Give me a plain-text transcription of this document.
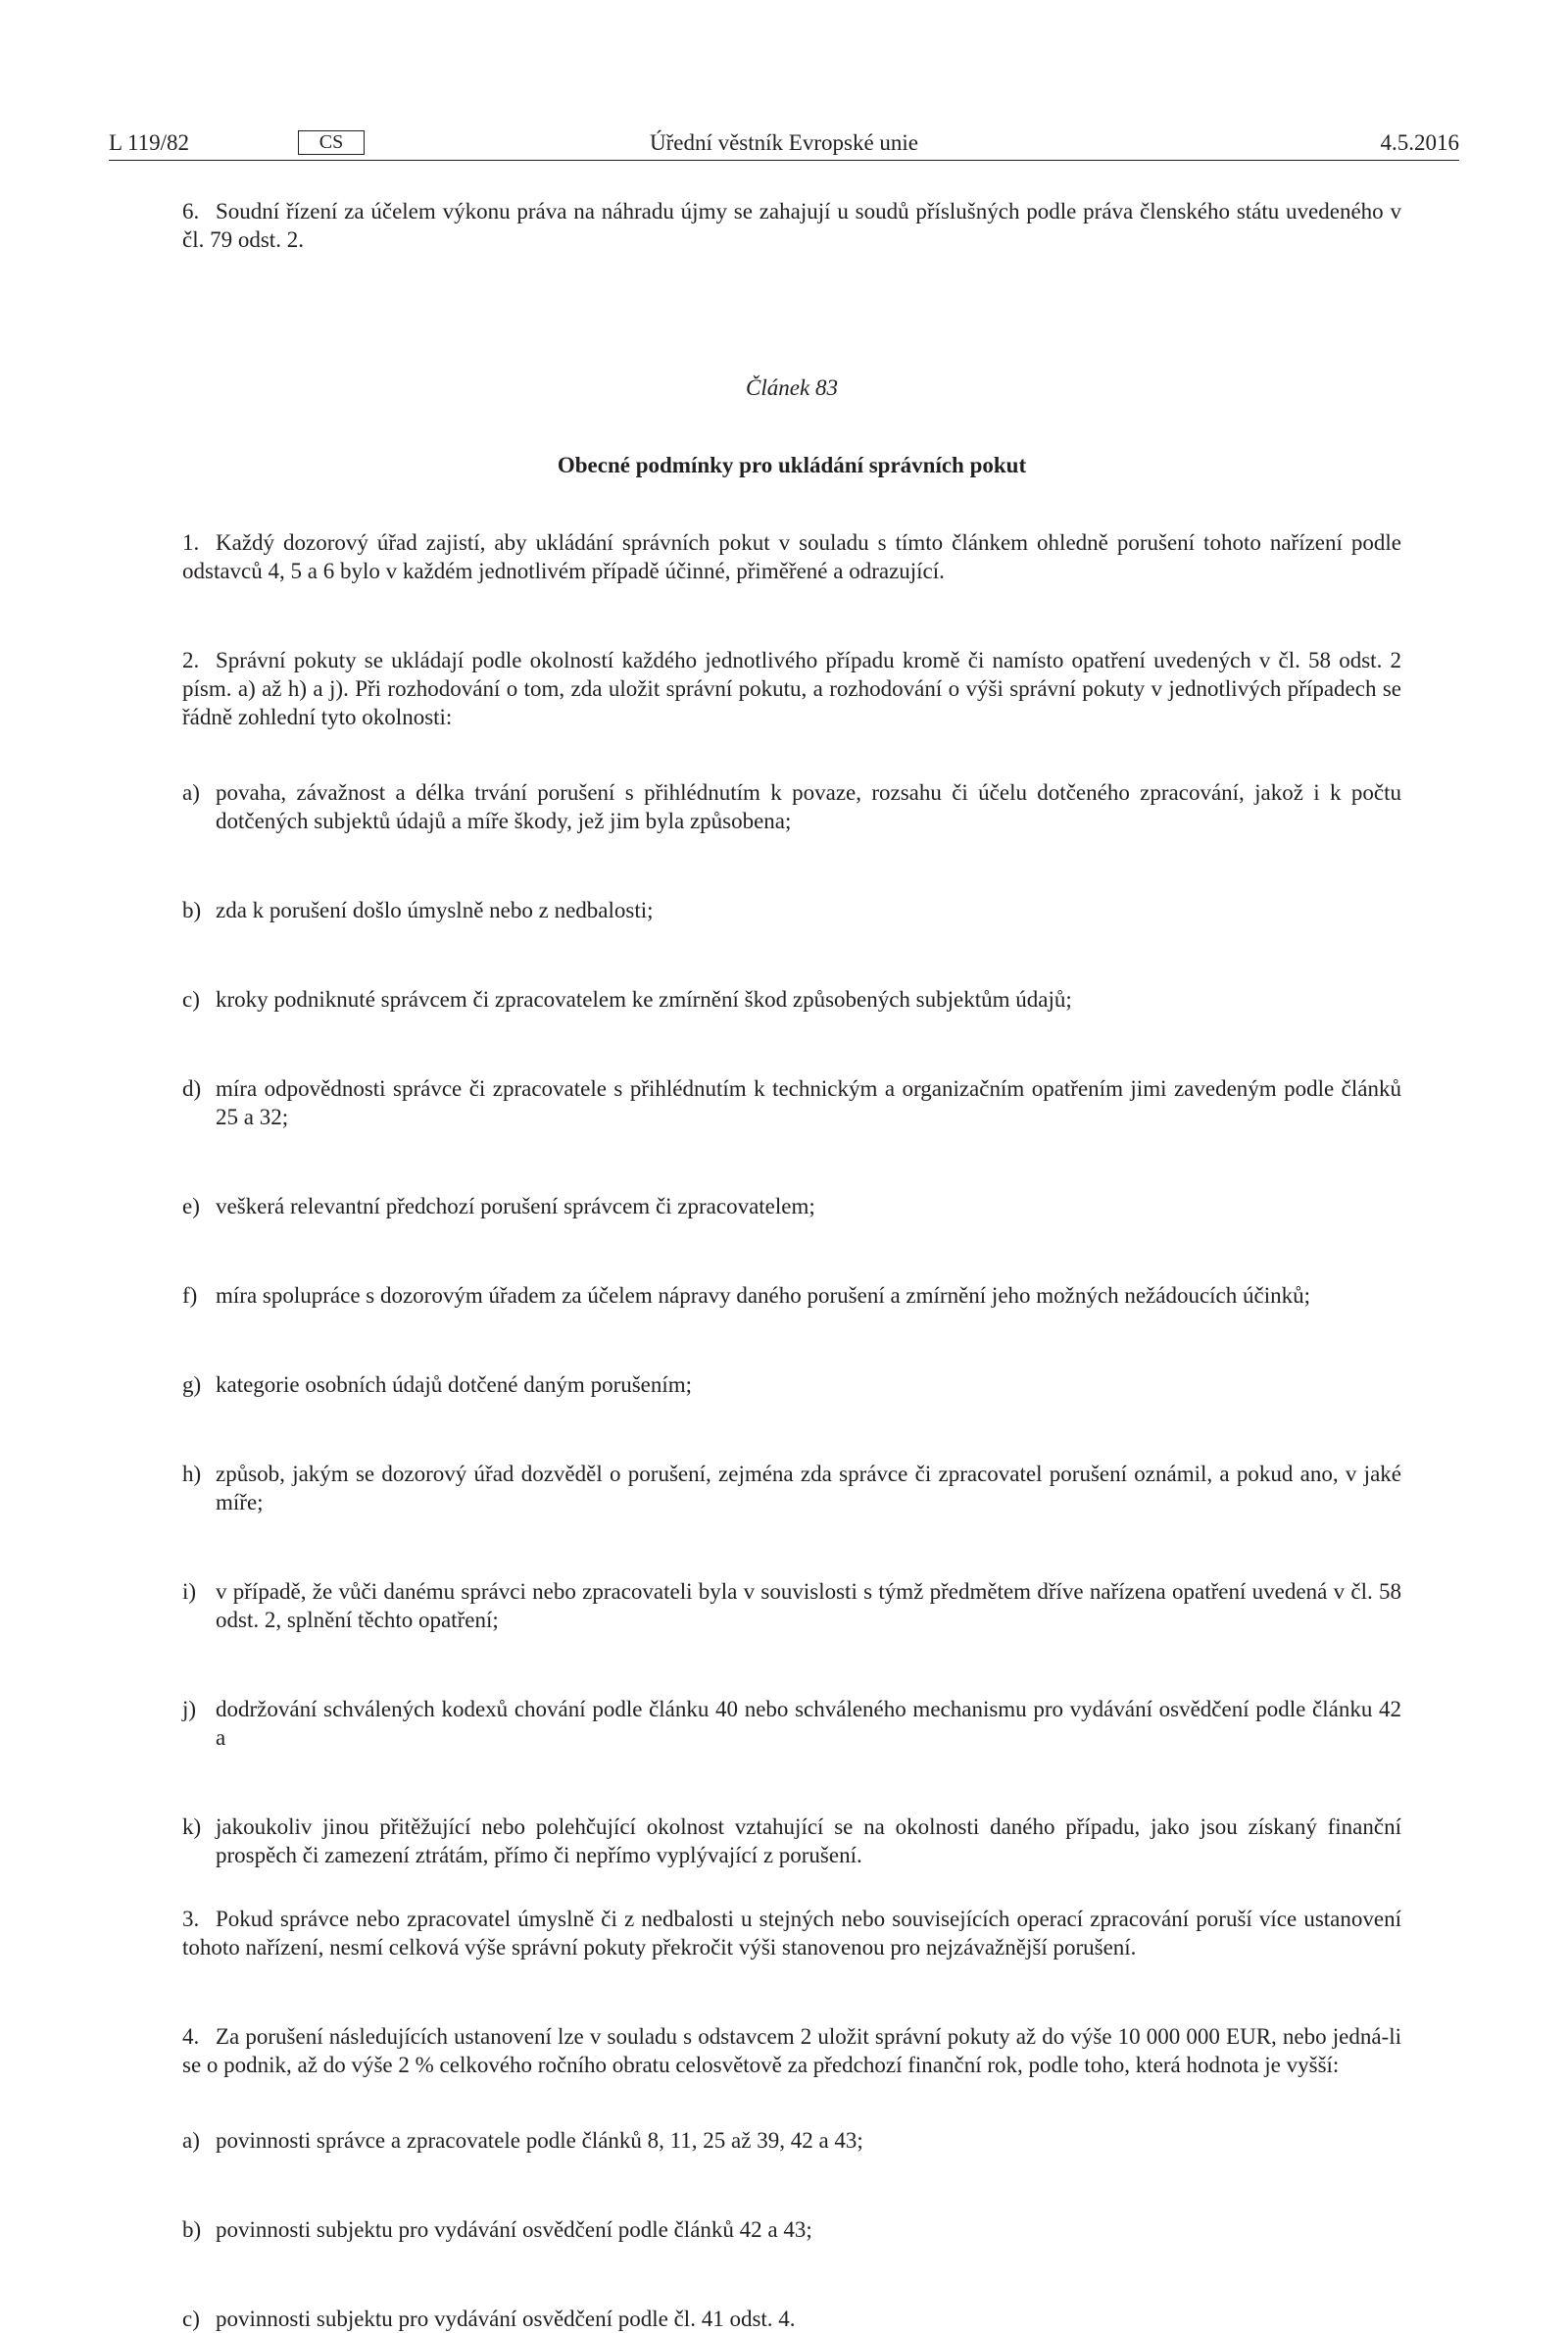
L 119/82	CS	Úřední věstník Evropské unie	4.5.2016

6. Soudní řízení za účelem výkonu práva na náhradu újmy se zahajují u soudů příslušných podle práva členského státu uvedeného v čl. 79 odst. 2.

Článek 83

Obecné podmínky pro ukládání správních pokut

1. Každý dozorový úřad zajistí, aby ukládání správních pokut v souladu s tímto článkem ohledně porušení tohoto nařízení podle odstavců 4, 5 a 6 bylo v každém jednotlivém případě účinné, přiměřené a odrazující.

2. Správní pokuty se ukládají podle okolností každého jednotlivého případu kromě či namísto opatření uvedených v čl. 58 odst. 2 písm. a) až h) a j). Při rozhodování o tom, zda uložit správní pokutu, a rozhodování o výši správní pokuty v jednotlivých případech se řádně zohlední tyto okolnosti:

a) povaha, závažnost a délka trvání porušení s přihlédnutím k povaze, rozsahu či účelu dotčeného zpracování, jakož i k počtu dotčených subjektů údajů a míře škody, jež jim byla způsobena;
b) zda k porušení došlo úmyslně nebo z nedbalosti;
c) kroky podniknuté správcem či zpracovatelem ke zmírnění škod způsobených subjektům údajů;
d) míra odpovědnosti správce či zpracovatele s přihlédnutím k technickým a organizačním opatřením jimi zavedeným podle článků 25 a 32;
e) veškerá relevantní předchozí porušení správcem či zpracovatelem;
f) míra spolupráce s dozorovým úřadem za účelem nápravy daného porušení a zmírnění jeho možných nežádoucích účinků;
g) kategorie osobních údajů dotčené daným porušením;
h) způsob, jakým se dozorový úřad dozvěděl o porušení, zejména zda správce či zpracovatel porušení oznámil, a pokud ano, v jaké míře;
i) v případě, že vůči danému správci nebo zpracovateli byla v souvislosti s týmž předmětem dříve nařízena opatření uvedená v čl. 58 odst. 2, splnění těchto opatření;
j) dodržování schválených kodexů chování podle článku 40 nebo schváleného mechanismu pro vydávání osvědčení podle článku 42 a
k) jakoukoliv jinou přitěžující nebo polehčující okolnost vztahující se na okolnosti daného případu, jako jsou získaný finanční prospěch či zamezení ztrátám, přímo či nepřímo vyplývající z porušení.

3. Pokud správce nebo zpracovatel úmyslně či z nedbalosti u stejných nebo souvisejících operací zpracování poruší více ustanovení tohoto nařízení, nesmí celková výše správní pokuty překročit výši stanovenou pro nejzávažnější porušení.

4. Za porušení následujících ustanovení lze v souladu s odstavcem 2 uložit správní pokuty až do výše 10 000 000 EUR, nebo jedná-li se o podnik, až do výše 2 % celkového ročního obratu celosvětově za předchozí finanční rok, podle toho, která hodnota je vyšší:

a) povinnosti správce a zpracovatele podle článků 8, 11, 25 až 39, 42 a 43;
b) povinnosti subjektu pro vydávání osvědčení podle článků 42 a 43;
c) povinnosti subjektu pro vydávání osvědčení podle čl. 41 odst. 4.
